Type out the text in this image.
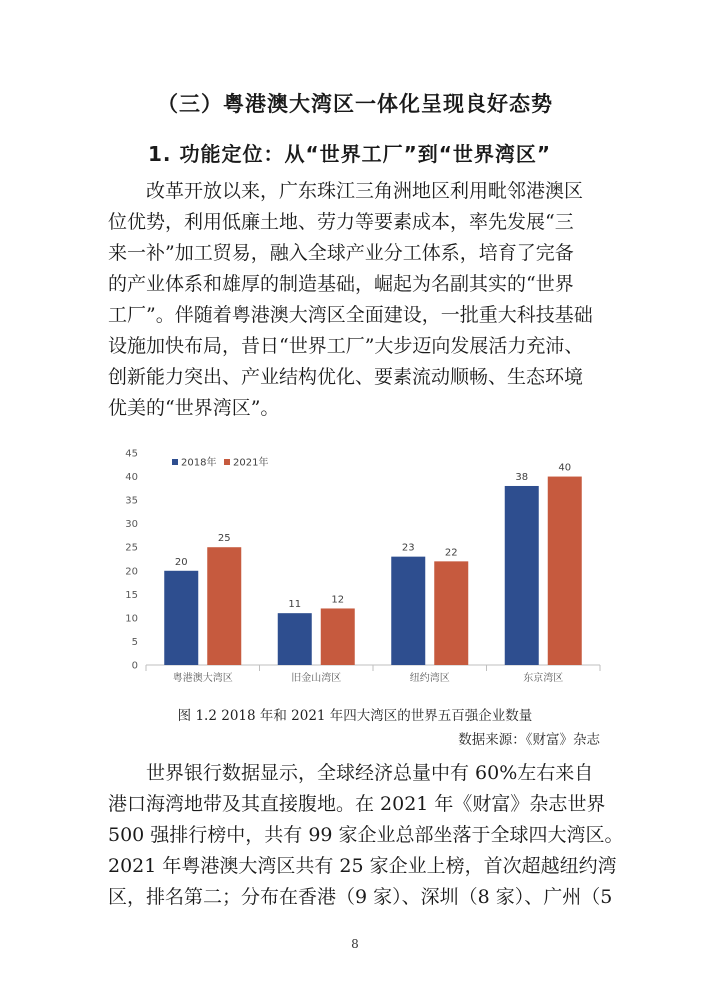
（三）粤港澳大湾区一体化呈现良好态势
1. 功能定位：从“世界工厂”到“世界湾区”

改革开放以来，广东珠江三角洲地区利用毗邻港澳区
位优势，利用低廉土地、劳力等要素成本，率先发展“三
来一补”加工贸易，融入全球产业分工体系，培育了完备
的产业体系和雄厚的制造基础，崛起为名副其实的“世界
工厂”。伴随着粤港澳大湾区全面建设，一批重大科技基础
设施加快布局，昔日“世界工厂”大步迈向发展活力充沛、
创新能力突出、产业结构优化、要素流动顺畅、生态环境
优美的“世界湾区”。

0
5
10
15
20
25
30
35
40
45
20
25
粤港澳大湾区
11	12
旧金山湾区
23	22
纽约湾区
38
40
东京湾区
2018年 2021年
图 1.2 2018 年和 2021 年四大湾区的世界五百强企业数量
数据来源：《财富》杂志

世界银行数据显示，全球经济总量中有 60%左右来自
港口海湾地带及其直接腹地。在 2021 年《财富》杂志世界
500 强排行榜中，共有 99 家企业总部坐落于全球四大湾区。
2021 年粤港澳大湾区共有 25 家企业上榜，首次超越纽约湾
区，排名第二；分布在香港（9 家）、深圳（8 家）、广州（5

8
